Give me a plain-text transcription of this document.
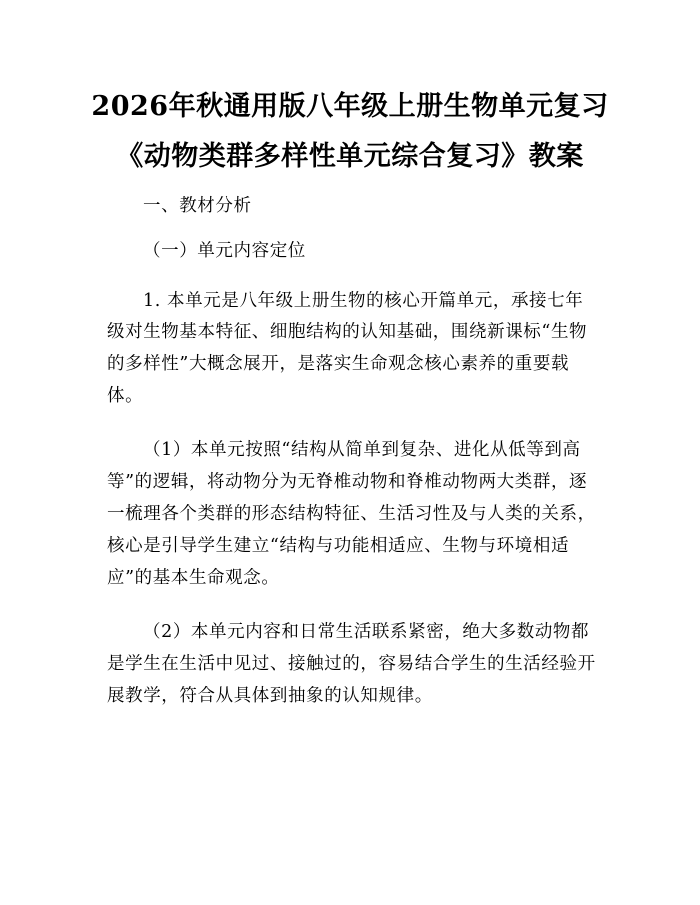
2026年秋通用版八年级上册生物单元复习
《动物类群多样性单元综合复习》教案
一、教材分析
（一）单元内容定位
1. 本单元是八年级上册生物的核心开篇单元，承接七年
级对生物基本特征、细胞结构的认知基础，围绕新课标“生物
的多样性”大概念展开，是落实生命观念核心素养的重要载
体。
（1）本单元按照“结构从简单到复杂、进化从低等到高
等”的逻辑，将动物分为无脊椎动物和脊椎动物两大类群，逐
一梳理各个类群的形态结构特征、生活习性及与人类的关系，
核心是引导学生建立“结构与功能相适应、生物与环境相适
应”的基本生命观念。
（2）本单元内容和日常生活联系紧密，绝大多数动物都
是学生在生活中见过、接触过的，容易结合学生的生活经验开
展教学，符合从具体到抽象的认知规律。
